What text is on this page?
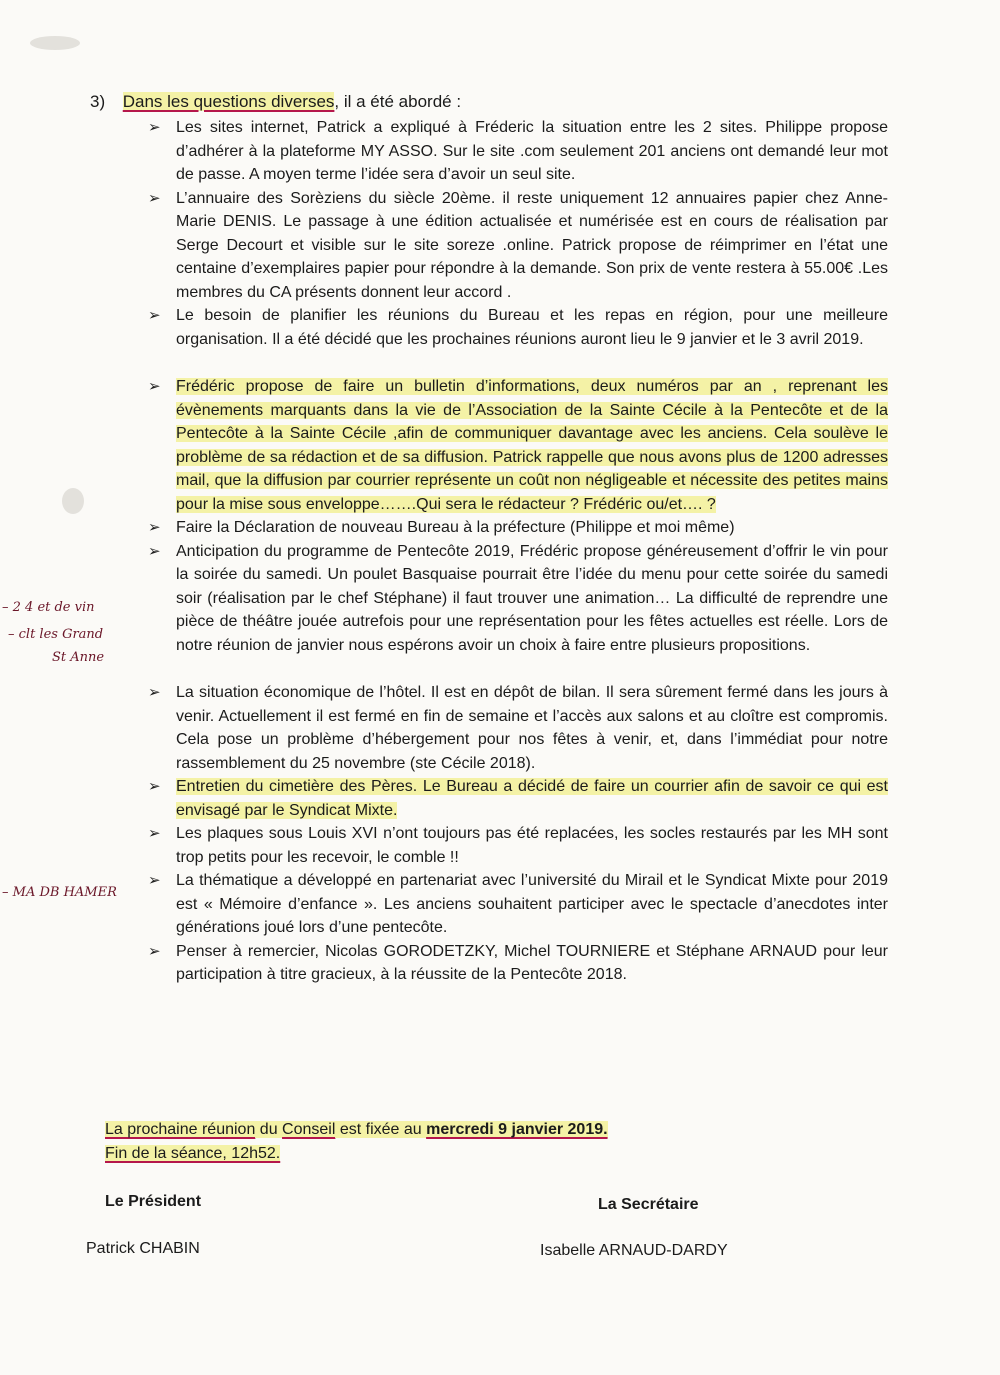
3) Dans les questions diverses, il a été abordé :
➢ Les sites internet, Patrick a expliqué à Fréderic la situation entre les 2 sites. Philippe propose d’adhérer à la plateforme MY ASSO. Sur le site .com seulement 201 anciens ont demandé leur mot de passe. A moyen terme l’idée sera d’avoir un seul site.
➢ L’annuaire des Sorèziens du siècle 20ème. il reste uniquement 12 annuaires papier chez Anne- Marie DENIS. Le passage à une édition actualisée et numérisée est en cours de réalisation par Serge Decourt et visible sur le site soreze .online. Patrick propose de réimprimer en l’état une centaine d’exemplaires papier pour répondre à la demande. Son prix de vente restera à 55.00€ .Les membres du CA présents donnent leur accord .
➢ Le besoin de planifier les réunions du Bureau et les repas en région, pour une meilleure organisation. Il a été décidé que les prochaines réunions auront lieu le 9 janvier et le 3 avril 2019.
➢ Frédéric propose de faire un bulletin d’informations, deux numéros par an , reprenant les évènements marquants dans la vie de l’Association de la Sainte Cécile à la Pentecôte et de la Pentecôte à la Sainte Cécile ,afin de communiquer davantage avec les anciens. Cela soulève le problème de sa rédaction et de sa diffusion. Patrick rappelle que nous avons plus de 1200 adresses mail, que la diffusion par courrier représente un coût non négligeable et nécessite des petites mains pour la mise sous enveloppe…….Qui sera le rédacteur ? Frédéric ou/et…. ?
➢ Faire la Déclaration de nouveau Bureau à la préfecture (Philippe et moi même)
➢ Anticipation du programme de Pentecôte 2019, Frédéric propose généreusement d’offrir le vin pour la soirée du samedi. Un poulet Basquaise pourrait être l’idée du menu pour cette soirée du samedi soir (réalisation par le chef Stéphane) il faut trouver une animation… La difficulté de reprendre une pièce de théâtre jouée autrefois pour une représentation pour les fêtes actuelles est réelle. Lors de notre réunion de janvier nous espérons avoir un choix à faire entre plusieurs propositions.
➢ La situation économique de l’hôtel. Il est en dépôt de bilan. Il sera sûrement fermé dans les jours à venir. Actuellement il est fermé en fin de semaine et l’accès aux salons et au cloître est compromis. Cela pose un problème d’hébergement pour nos fêtes à venir, et, dans l’immédiat pour notre rassemblement du 25 novembre (ste Cécile 2018).
➢ Entretien du cimetière des Pères. Le Bureau a décidé de faire un courrier afin de savoir ce qui est envisagé par le Syndicat Mixte.
➢ Les plaques sous Louis XVI n’ont toujours pas été replacées, les socles restaurés par les MH sont trop petits pour les recevoir, le comble !!
➢ La thématique a développé en partenariat avec l’université du Mirail et le Syndicat Mixte pour 2019 est « Mémoire d’enfance ». Les anciens souhaitent participer avec le spectacle d’anecdotes inter générations joué lors d’une pentecôte.
➢ Penser à remercier, Nicolas GORODETZKY, Michel TOURNIERE et Stéphane ARNAUD pour leur participation à titre gracieux, à la réussite de la Pentecôte 2018.
La prochaine réunion du Conseil est fixée au mercredi 9 janvier 2019.
Fin de la séance, 12h52.
Le Président
Patrick CHABIN
La Secrétaire
Isabelle ARNAUD-DARDY
– 2 4 et de vin
– clt les Grand
St Anne
– MA DB HAMER
